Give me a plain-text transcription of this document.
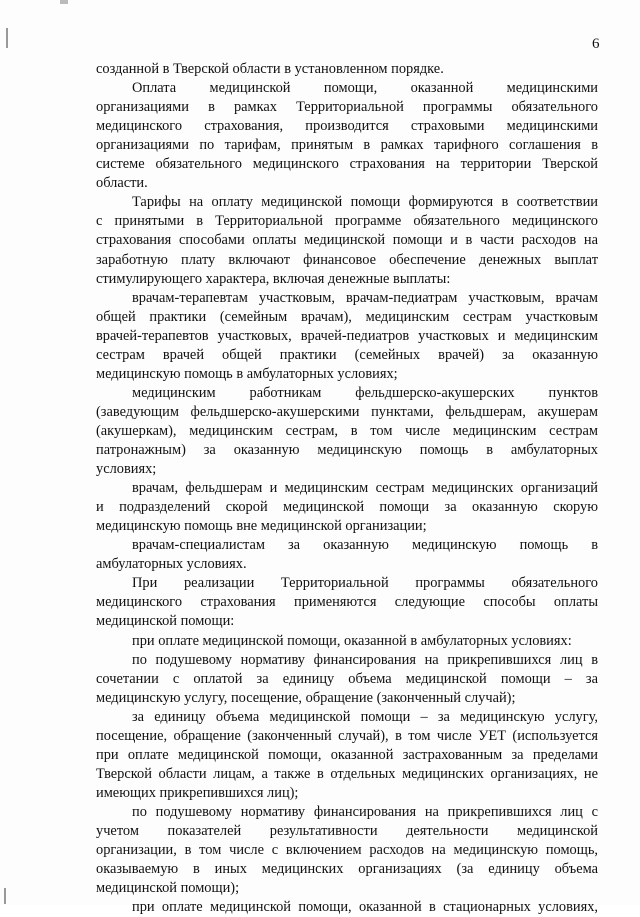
6
созданной в Тверской области в установленном порядке.
Оплата медицинской помощи, оказанной медицинскими
организациями в рамках Территориальной программы обязательного
медицинского страхования, производится страховыми медицинскими
организациями по тарифам, принятым в рамках тарифного соглашения в
системе обязательного медицинского страхования на территории Тверской
области.
Тарифы на оплату медицинской помощи формируются в соответствии
с принятыми в Территориальной программе обязательного медицинского
страхования способами оплаты медицинской помощи и в части расходов на
заработную плату включают финансовое обеспечение денежных выплат
стимулирующего характера, включая денежные выплаты:
врачам-терапевтам участковым, врачам-педиатрам участковым, врачам
общей практики (семейным врачам), медицинским сестрам участковым
врачей-терапевтов участковых, врачей-педиатров участковых и медицинским
сестрам врачей общей практики (семейных врачей) за оказанную
медицинскую помощь в амбулаторных условиях;
медицинским работникам фельдшерско-акушерских пунктов
(заведующим фельдшерско-акушерскими пунктами, фельдшерам, акушерам
(акушеркам), медицинским сестрам, в том числе медицинским сестрам
патронажным) за оказанную медицинскую помощь в амбулаторных
условиях;
врачам, фельдшерам и медицинским сестрам медицинских организаций
и подразделений скорой медицинской помощи за оказанную скорую
медицинскую помощь вне медицинской организации;
врачам-специалистам за оказанную медицинскую помощь в
амбулаторных условиях.
При реализации Территориальной программы обязательного
медицинского страхования применяются следующие способы оплаты
медицинской помощи:
при оплате медицинской помощи, оказанной в амбулаторных условиях:
по подушевому нормативу финансирования на прикрепившихся лиц в
сочетании с оплатой за единицу объема медицинской помощи – за
медицинскую услугу, посещение, обращение (законченный случай);
за единицу объема медицинской помощи – за медицинскую услугу,
посещение, обращение (законченный случай), в том числе УЕТ (используется
при оплате медицинской помощи, оказанной застрахованным за пределами
Тверской области лицам, а также в отдельных медицинских организациях, не
имеющих прикрепившихся лиц);
по подушевому нормативу финансирования на прикрепившихся лиц с
учетом показателей результативности деятельности медицинской
организации, в том числе с включением расходов на медицинскую помощь,
оказываемую в иных медицинских организациях (за единицу объема
медицинской помощи);
при оплате медицинской помощи, оказанной в стационарных условиях,
